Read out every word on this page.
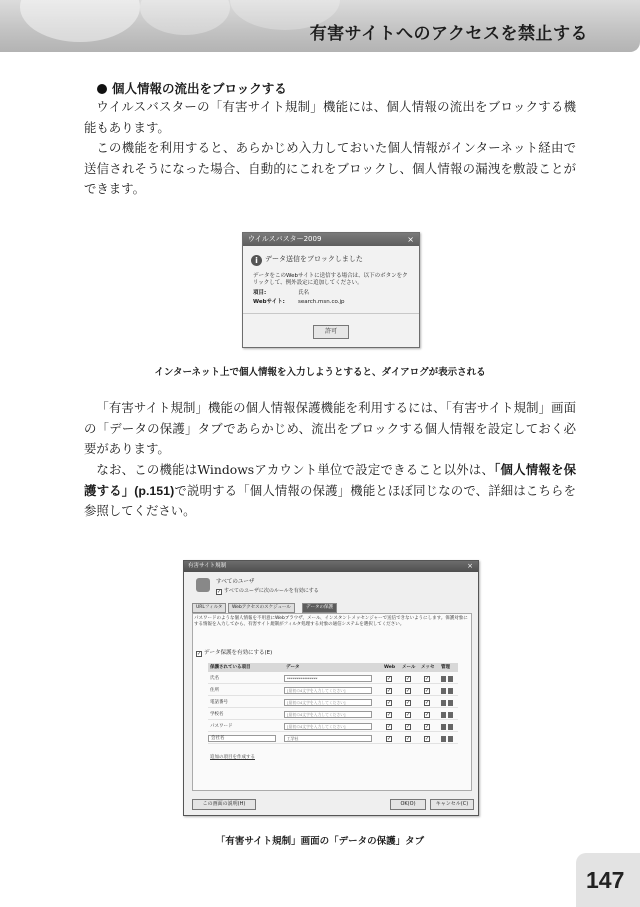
有害サイトへのアクセスを禁止する
個人情報の流出をブロックする
ウイルスバスターの「有害サイト規制」機能には、個人情報の流出をブロックする機能もあります。
この機能を利用すると、あらかじめ入力しておいた個人情報がインターネット経由で送信されそうになった場合、自動的にこれをブロックし、個人情報の漏洩を敷設ことができます。
ウイルスバスター2009	×
i データ送信をブロックしました
データをこのWebサイトに送信する場合は、以下のボタンをクリックして、例外設定に追加してください。
項目:	氏名
Webサイト: search.msn.co.jp
許可
インターネット上で個人情報を入力しようとすると、ダイアログが表示される
「有害サイト規制」機能の個人情報保護機能を利用するには、「有害サイト規制」画面の「データの保護」タブであらかじめ、流出をブロックする個人情報を設定しておく必要があります。
なお、この機能はWindowsアカウント単位で設定できること以外は、「個人情報を保護する」(p.151)で説明する「個人情報の保護」機能とほぼ同じなので、詳細はこちらを参照してください。
有害サイト規制	×
すべてのユーザ
✓ すべてのユーザに次のルールを有効にする
URLフィルタ	Webアクセスのスケジュール	データの保護
パスワードのような個人情報を不用意にWebブラウザ、メール、インスタントメッセンジャーで送信できないようにします。保護対象にする情報を入力してから、有害サイト規制がフィルタ処理する対象の通信システムを選択してください。
✓ データ保護を有効にする(E)
保護されている項目	データ	Web メール メッセ 管理
氏名	****************	✓	✓	✓
住所	[最初の4文字を入力してください]	✓	✓	✓
電話番号	[最初の4文字を入力してください]	✓	✓	✓
学校名	[最初の4文字を入力してください]	✓	✓	✓
パスワード	[最初の4文字を入力してください]	✓	✓	✓
会社名	工学社	✓	✓	✓
追加の項目を作成する
この画面の説明(H)	OK(O)	キャンセル(C)
「有害サイト規制」画面の「データの保護」タブ
147
